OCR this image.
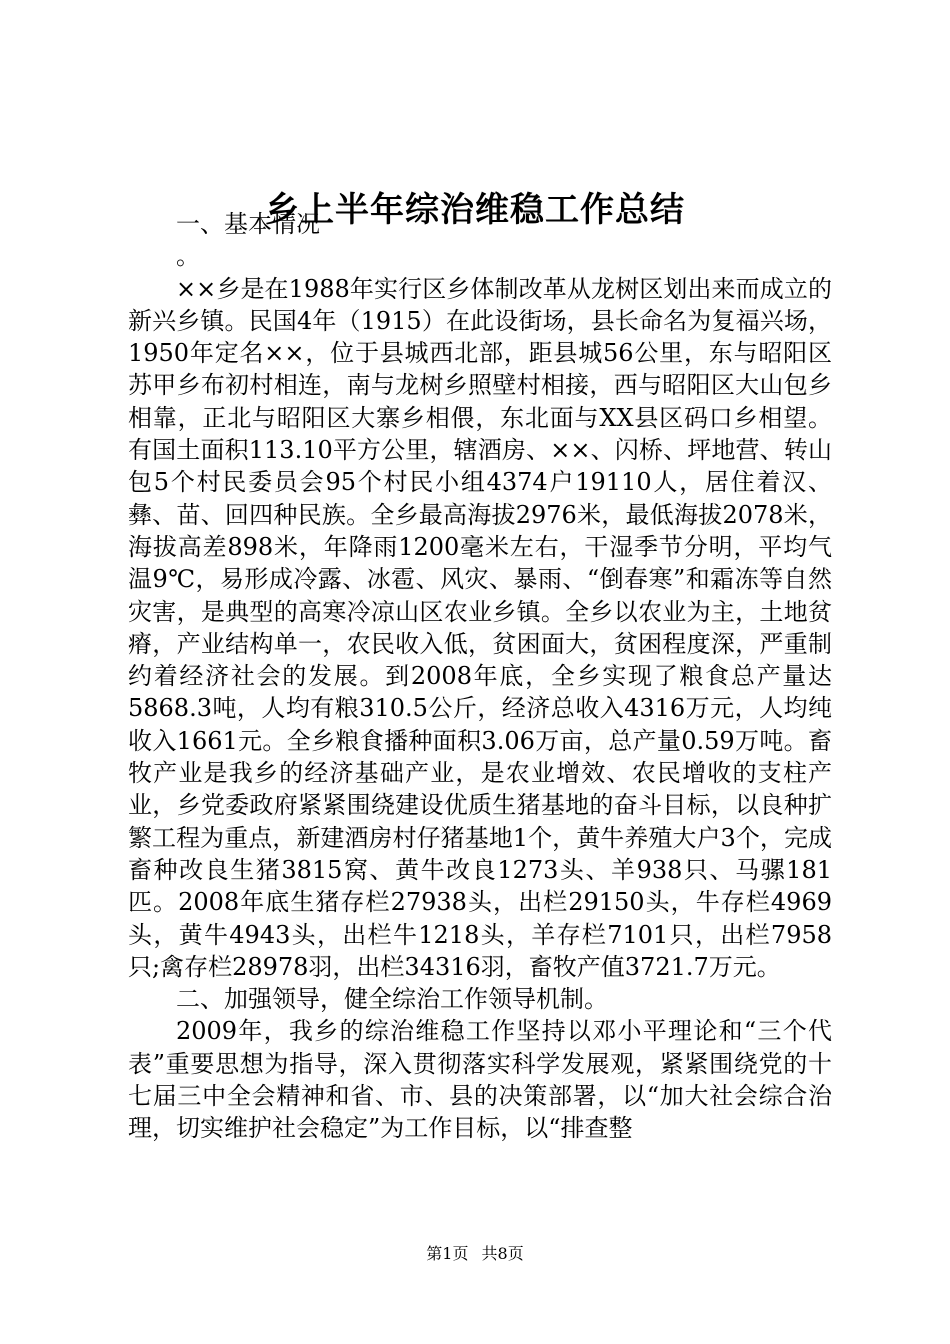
乡上半年综治维稳工作总结

一、基本情况

。

××乡是在1988年实行区乡体制改革从龙树区划出来而成立的新兴乡镇。民国4年（1915）在此设街场，县长命名为复福兴场，1950年定名××，位于县城西北部，距县城56公里，东与昭阳区苏甲乡布初村相连，南与龙树乡照壁村相接，西与昭阳区大山包乡相靠，正北与昭阳区大寨乡相偎，东北面与XX县区码口乡相望。有国土面积113.10平方公里，辖酒房、××、闪桥、坪地营、转山包5个村民委员会95个村民小组4374户19110人，居住着汉、彝、苗、回四种民族。全乡最高海拔2976米，最低海拔2078米，海拔高差898米，年降雨1200毫米左右，干湿季节分明，平均气温9℃，易形成冷露、冰雹、风灾、暴雨、“倒春寒”和霜冻等自然灾害，是典型的高寒冷凉山区农业乡镇。全乡以农业为主，土地贫瘠，产业结构单一，农民收入低，贫困面大，贫困程度深，严重制约着经济社会的发展。到2008年底，全乡实现了粮食总产量达5868.3吨，人均有粮310.5公斤，经济总收入4316万元，人均纯收入1661元。全乡粮食播种面积3.06万亩，总产量0.59万吨。畜牧产业是我乡的经济基础产业，是农业增效、农民增收的支柱产业，乡党委政府紧紧围绕建设优质生猪基地的奋斗目标，以良种扩繁工程为重点，新建酒房村仔猪基地1个，黄牛养殖大户3个，完成畜种改良生猪3815窝、黄牛改良1273头、羊938只、马骡181匹。2008年底生猪存栏27938头，出栏29150头，牛存栏4969头，黄牛4943头，出栏牛1218头，羊存栏7101只，出栏7958只;禽存栏28978羽，出栏34316羽，畜牧产值3721.7万元。

二、加强领导，健全综治工作领导机制。

2009年，我乡的综治维稳工作坚持以邓小平理论和“三个代表”重要思想为指导，深入贯彻落实科学发展观，紧紧围绕党的十七届三中全会精神和省、市、县的决策部署，以“加大社会综合治理，切实维护社会稳定”为工作目标，以“排查整

第1页 共8页
